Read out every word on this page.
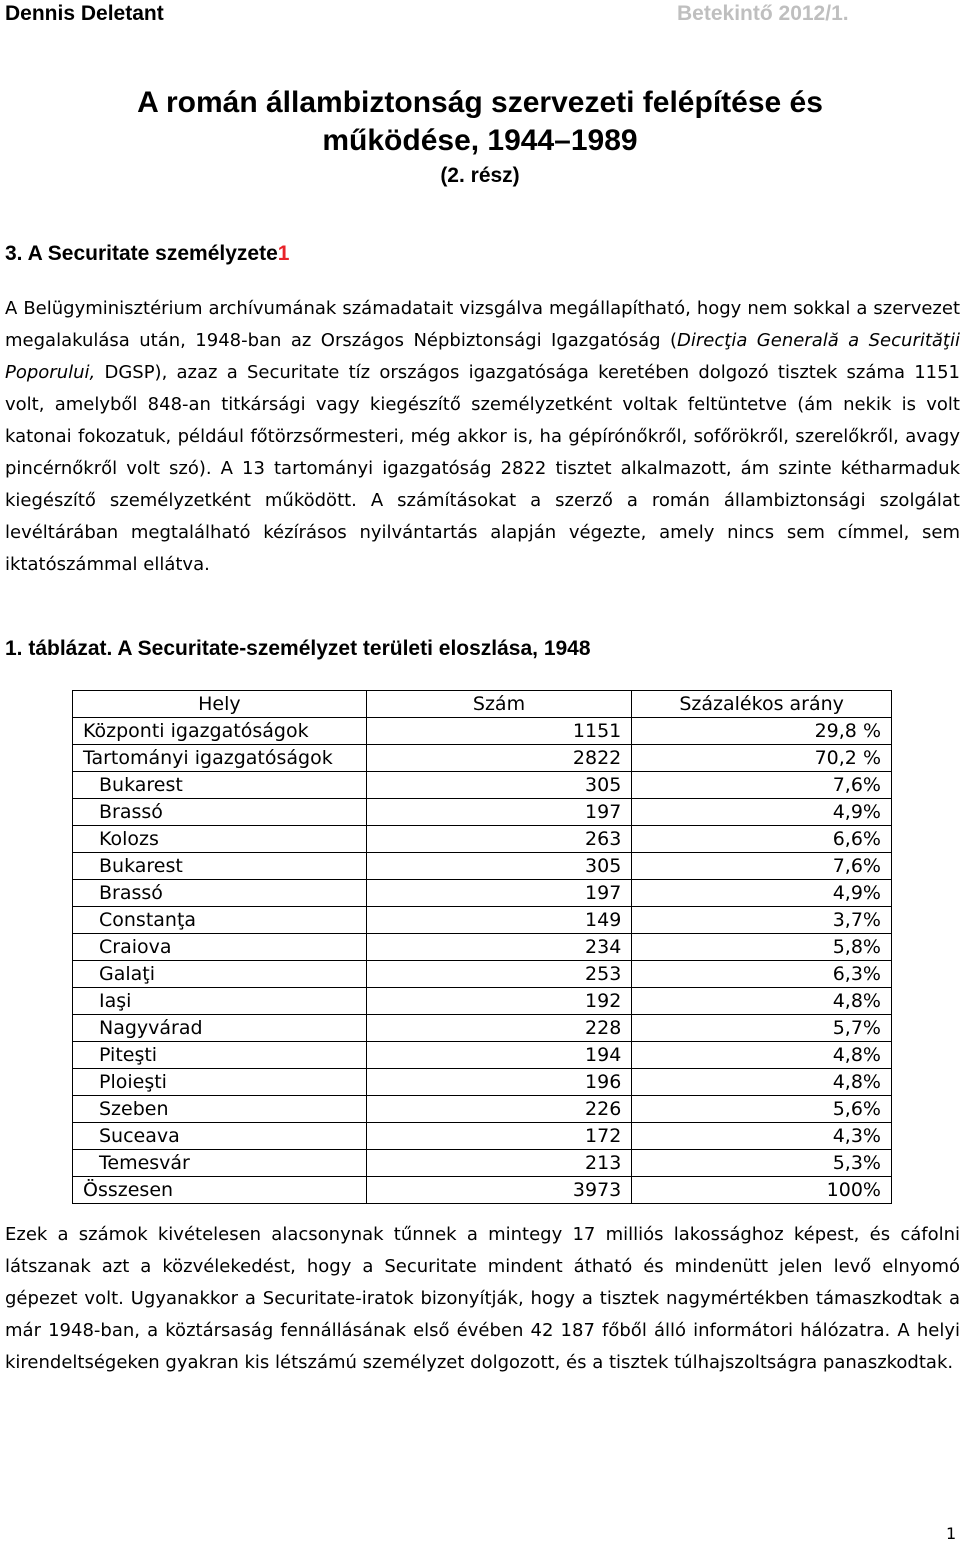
Dennis Deletant	Betekintő 2012/1.
A román állambiztonság szervezeti felépítése és
működése, 1944–1989
(2. rész)
3. A Securitate személyzete1

A Belügyminisztérium archívumának számadatait vizsgálva megállapítható, hogy nem sokkal a szervezet megalakulása után, 1948-ban az Országos Népbiztonsági Igazgatóság (Direcţia Generală a Securităţii Poporului, DGSP), azaz a Securitate tíz országos igazgatósága keretében dolgozó tisztek száma 1151 volt, amelyből 848-an titkársági vagy kiegészítő személyzetként voltak feltüntetve (ám nekik is volt katonai fokozatuk, például főtörzsőrmesteri, még akkor is, ha gépírónőkről, sofőrökről, szerelőkről, avagy pincérnőkről volt szó). A 13 tartományi igazgatóság 2822 tisztet alkalmazott, ám szinte kétharmaduk kiegészítő személyzetként működött. A számításokat a szerző a román állambiztonsági szolgálat levéltárában megtalálható kézírásos nyilvántartás alapján végezte, amely nincs sem címmel, sem iktatószámmal ellátva.

1. táblázat. A Securitate-személyzet területi eloszlása, 1948
Hely	Szám	Százalékos arány
Központi igazgatóságok	1151	29,8 %
Tartományi igazgatóságok	2822	70,2 %
Bukarest	305	7,6%
Brassó	197	4,9%
Kolozs	263	6,6%
Bukarest	305	7,6%
Brassó	197	4,9%
Constanţa	149	3,7%
Craiova	234	5,8%
Galaţi	253	6,3%
Iaşi	192	4,8%
Nagyvárad	228	5,7%
Piteşti	194	4,8%
Ploieşti	196	4,8%
Szeben	226	5,6%
Suceava	172	4,3%
Temesvár	213	5,3%
Összesen	3973	100%

Ezek a számok kivételesen alacsonynak tűnnek a mintegy 17 milliós lakossághoz képest, és cáfolni látszanak azt a közvélekedést, hogy a Securitate mindent átható és mindenütt jelen levő elnyomó gépezet volt. Ugyanakkor a Securitate-iratok bizonyítják, hogy a tisztek nagymértékben támaszkodtak a már 1948-ban, a köztársaság fennállásának első évében 42 187 főből álló informátori hálózatra. A helyi kirendeltségeken gyakran kis létszámú személyzet dolgozott, és a tisztek túlhajszoltságra panaszkodtak.

1
